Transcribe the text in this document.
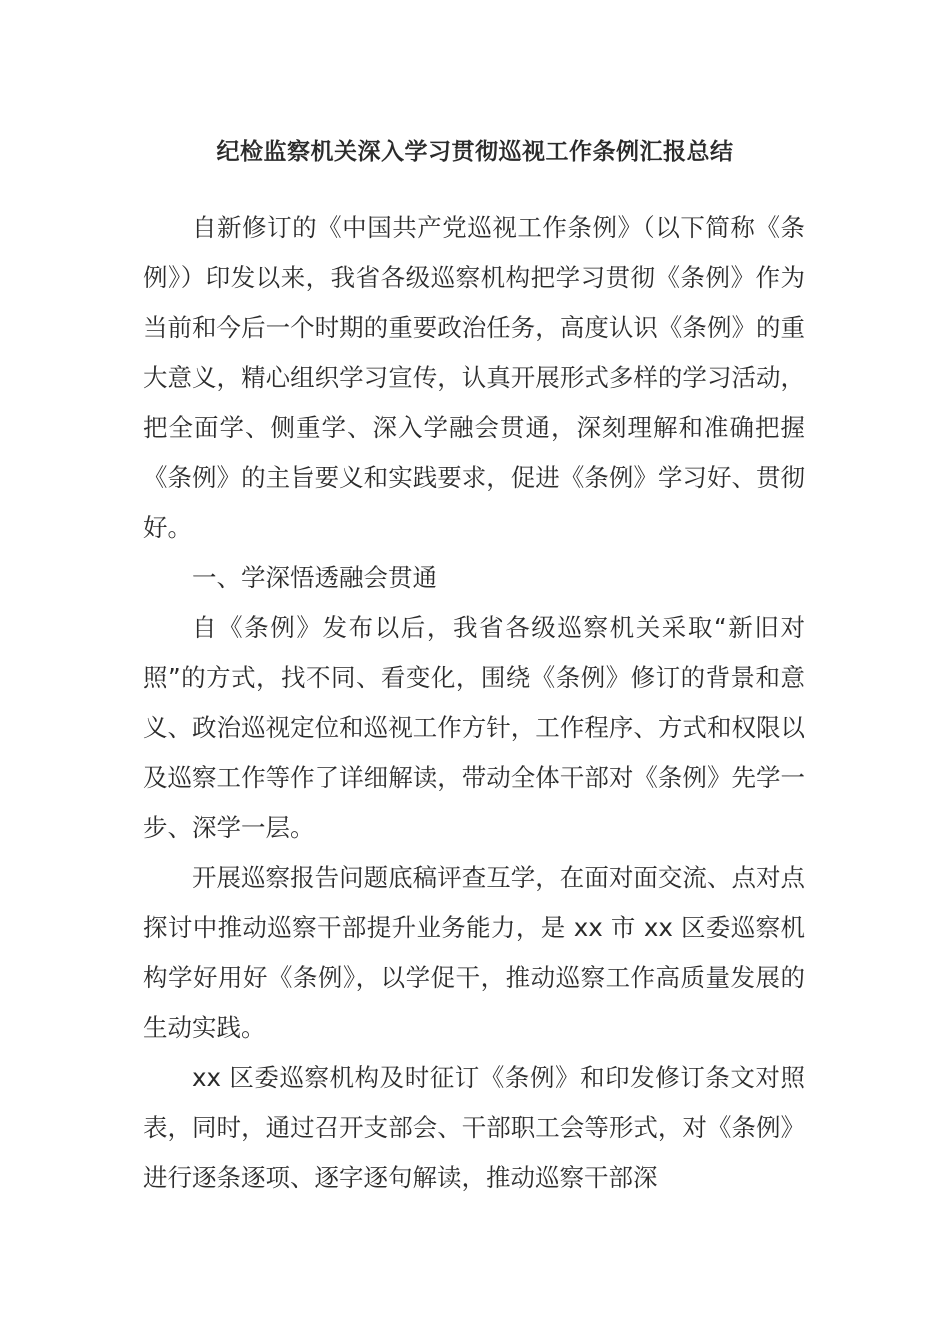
纪检监察机关深入学习贯彻巡视工作条例汇报总结

自新修订的《中国共产党巡视工作条例》（以下简称《条例》）印发以来，我省各级巡察机构把学习贯彻《条例》作为当前和今后一个时期的重要政治任务，高度认识《条例》的重大意义，精心组织学习宣传，认真开展形式多样的学习活动，把全面学、侧重学、深入学融会贯通，深刻理解和准确把握《条例》的主旨要义和实践要求，促进《条例》学习好、贯彻好。

一、学深悟透融会贯通

自《条例》发布以后，我省各级巡察机关采取“新旧对照”的方式，找不同、看变化，围绕《条例》修订的背景和意义、政治巡视定位和巡视工作方针，工作程序、方式和权限以及巡察工作等作了详细解读，带动全体干部对《条例》先学一步、深学一层。

开展巡察报告问题底稿评查互学，在面对面交流、点对点探讨中推动巡察干部提升业务能力，是 xx 市 xx 区委巡察机构学好用好《条例》，以学促干，推动巡察工作高质量发展的生动实践。

xx 区委巡察机构及时征订《条例》和印发修订条文对照表，同时，通过召开支部会、干部职工会等形式，对《条例》进行逐条逐项、逐字逐句解读，推动巡察干部深
